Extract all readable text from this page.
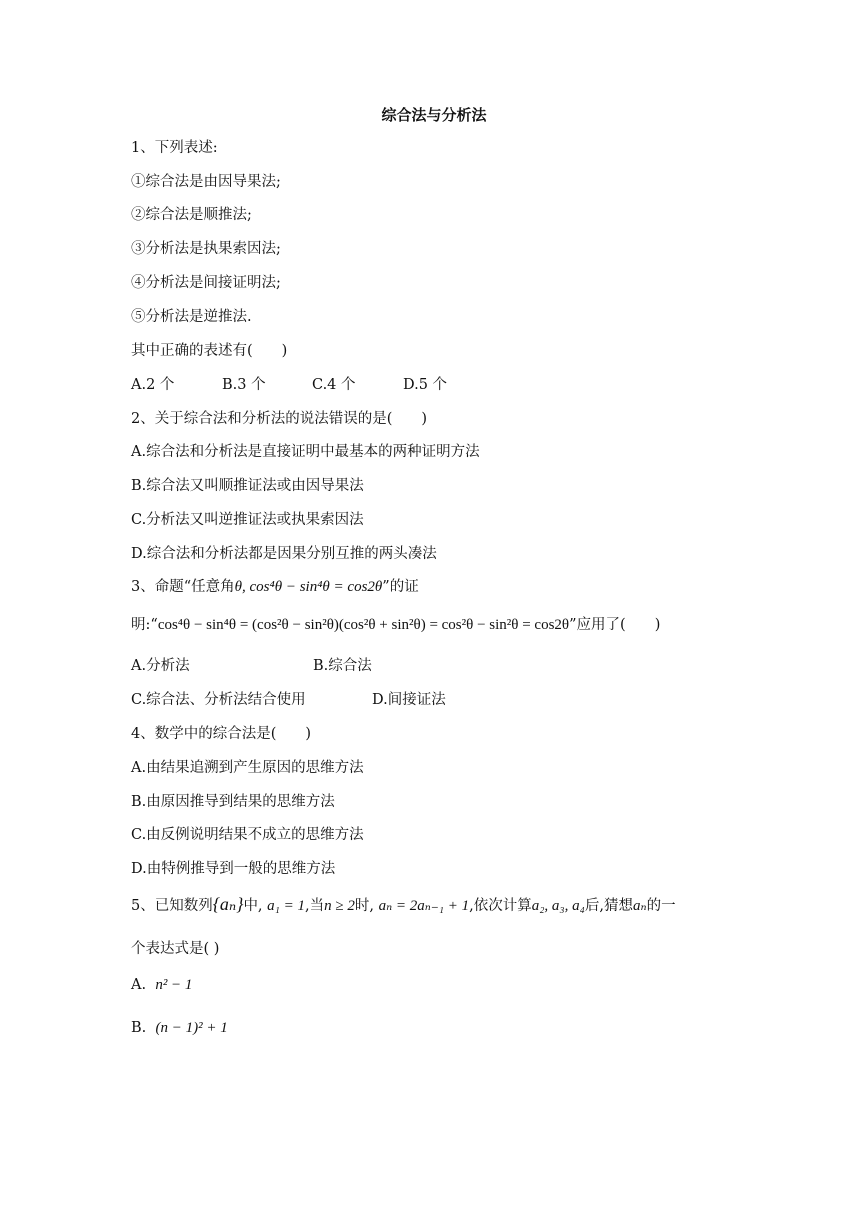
综合法与分析法
1、下列表述:
①综合法是由因导果法;
②综合法是顺推法;
③分析法是执果索因法;
④分析法是间接证明法;
⑤分析法是逆推法.
其中正确的表述有(　　)
A.2 个	B.3 个	C.4 个	D.5 个
2、关于综合法和分析法的说法错误的是(　　)
A.综合法和分析法是直接证明中最基本的两种证明方法
B.综合法又叫顺推证法或由因导果法
C.分析法又叫逆推证法或执果索因法
D.综合法和分析法都是因果分别互推的两头凑法
3、命题“任意角θ, cos⁴θ − sin⁴θ = cos2θ”的证
明:“cos⁴θ − sin⁴θ = (cos²θ − sin²θ)(cos²θ + sin²θ) = cos²θ − sin²θ = cos2θ”应用了(　　)
A.分析法	B.综合法
C.综合法、分析法结合使用	D.间接证法
4、数学中的综合法是(　　)
A.由结果追溯到产生原因的思维方法
B.由原因推导到结果的思维方法
C.由反例说明结果不成立的思维方法
D.由特例推导到一般的思维方法
5、已知数列{aₙ}中, a₁ = 1,当n ≥ 2时, aₙ = 2aₙ₋₁ + 1,依次计算a₂, a₃, a₄后,猜想aₙ的一
个表达式是( )
A. n² − 1
B. (n − 1)² + 1
